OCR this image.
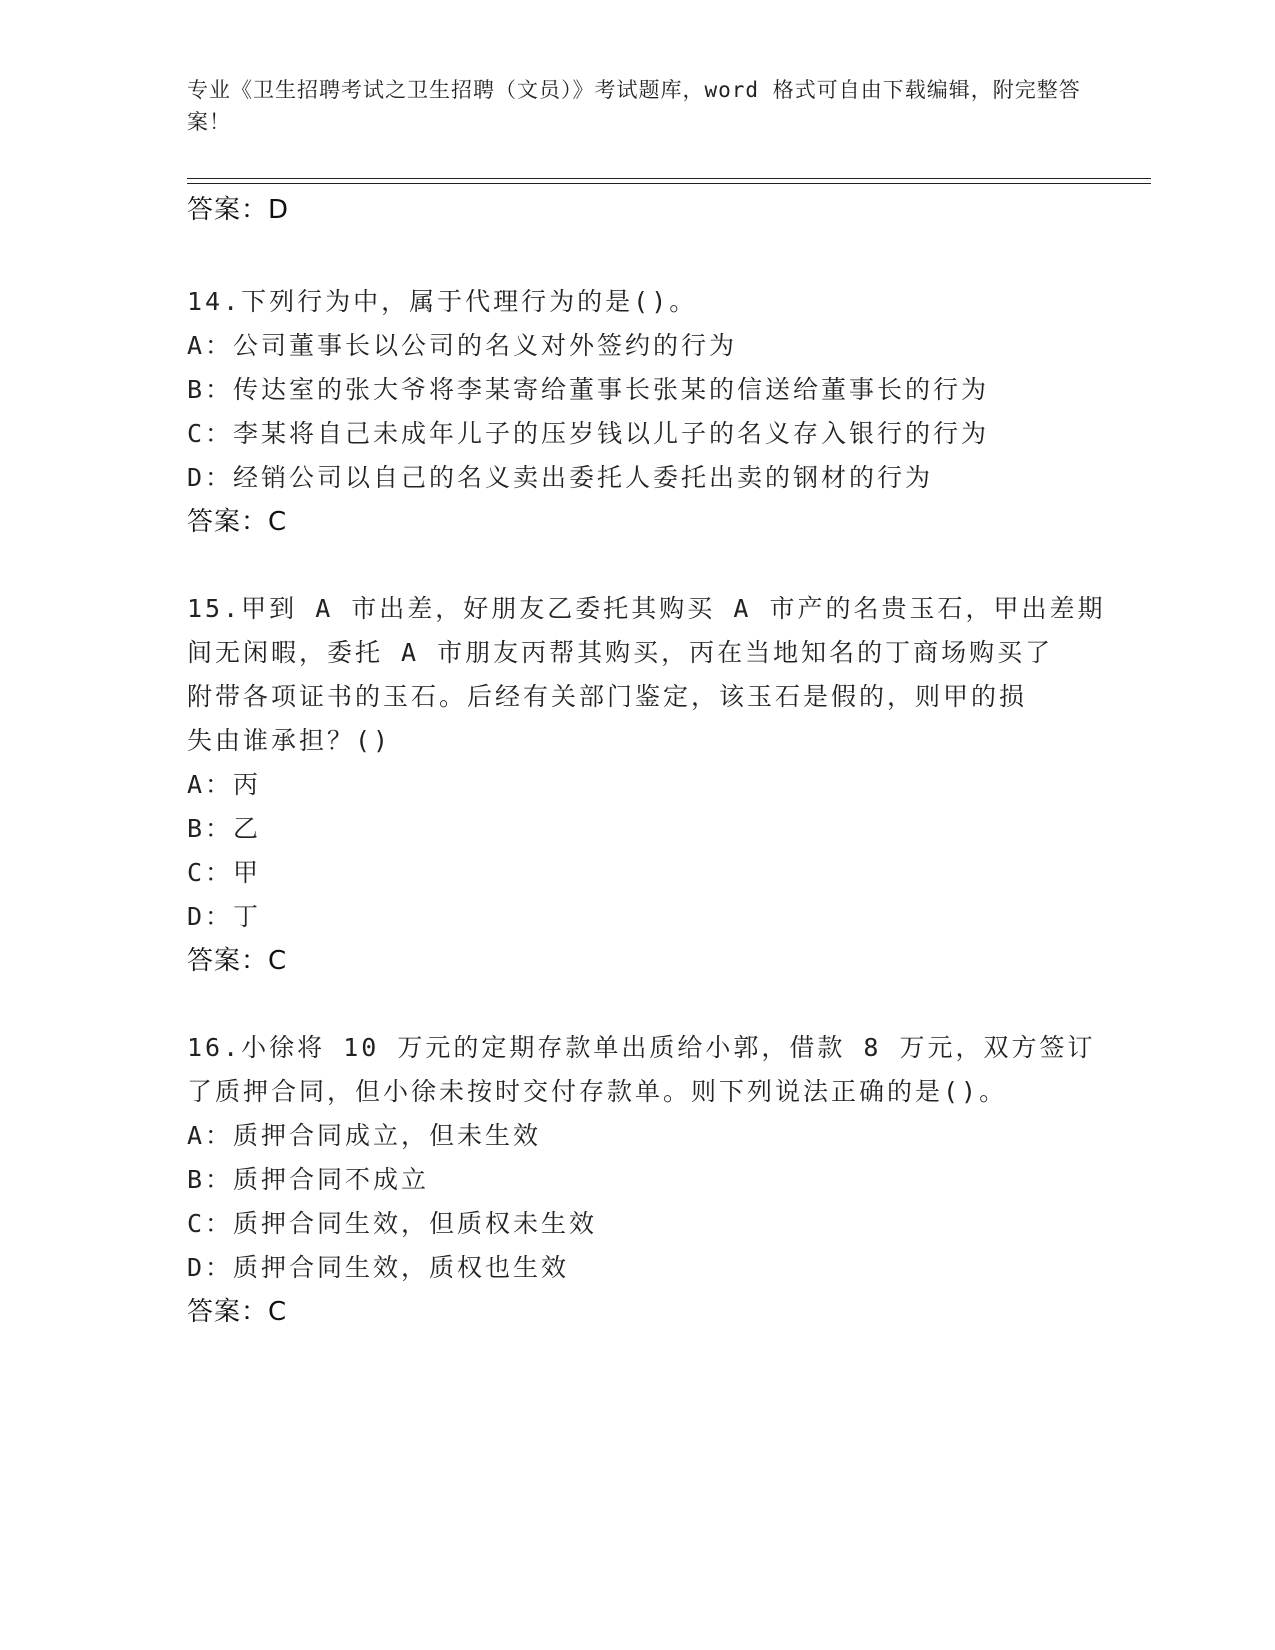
专业《卫生招聘考试之卫生招聘（文员）》考试题库，word 格式可自由下载编辑，附完整答案！
答案：D
14.下列行为中，属于代理行为的是()。
A：公司董事长以公司的名义对外签约的行为
B：传达室的张大爷将李某寄给董事长张某的信送给董事长的行为
C：李某将自己未成年儿子的压岁钱以儿子的名义存入银行的行为
D：经销公司以自己的名义卖出委托人委托出卖的钢材的行为
答案：C
15.甲到 A 市出差，好朋友乙委托其购买 A 市产的名贵玉石，甲出差期
间无闲暇，委托 A 市朋友丙帮其购买，丙在当地知名的丁商场购买了
附带各项证书的玉石。后经有关部门鉴定，该玉石是假的，则甲的损
失由谁承担？()
A：丙
B：乙
C：甲
D：丁
答案：C
16.小徐将 10 万元的定期存款单出质给小郭，借款 8 万元，双方签订
了质押合同，但小徐未按时交付存款单。则下列说法正确的是()。
A：质押合同成立，但未生效
B：质押合同不成立
C：质押合同生效，但质权未生效
D：质押合同生效，质权也生效
答案：C
